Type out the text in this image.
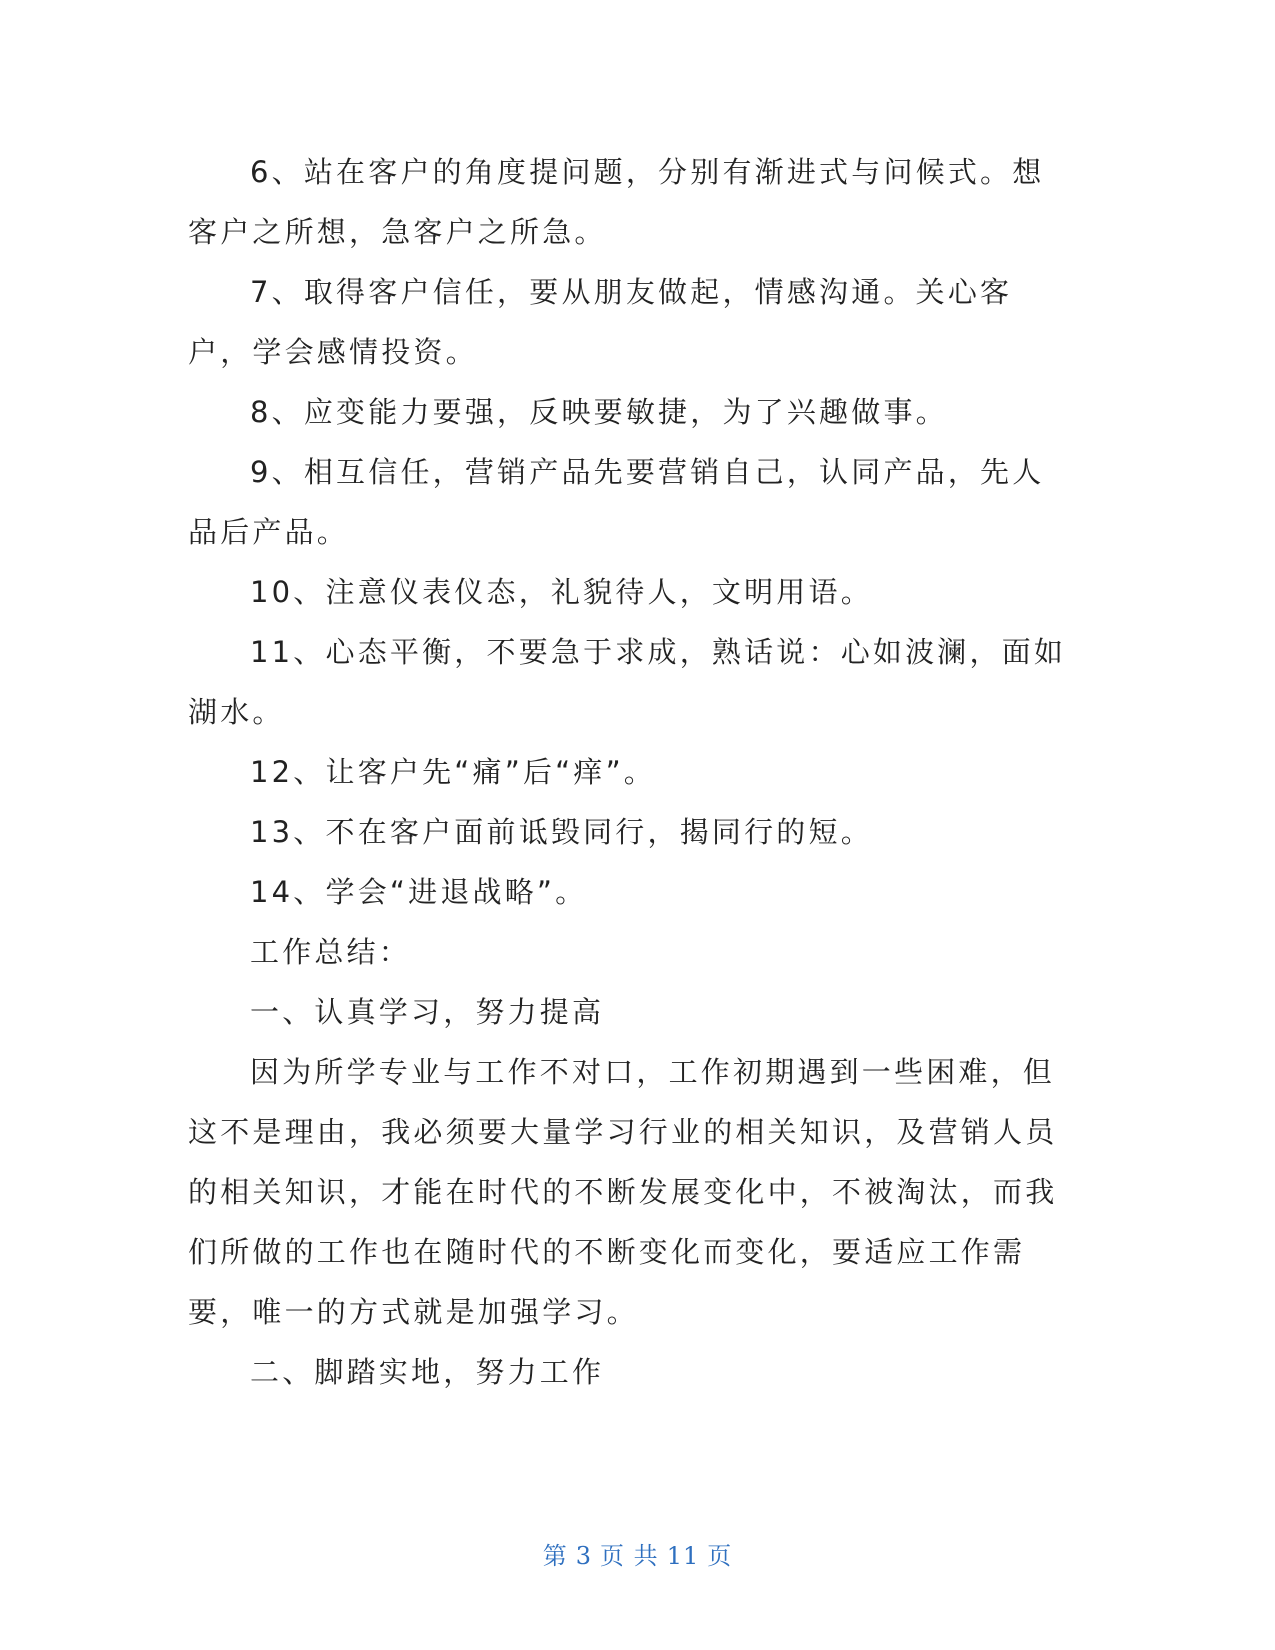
6、站在客户的角度提问题，分别有渐进式与问候式。想客户之所想，急客户之所急。

7、取得客户信任，要从朋友做起，情感沟通。关心客户，学会感情投资。

8、应变能力要强，反映要敏捷，为了兴趣做事。

9、相互信任，营销产品先要营销自己，认同产品，先人品后产品。

10、注意仪表仪态，礼貌待人，文明用语。

11、心态平衡，不要急于求成，熟话说：心如波澜，面如湖水。

12、让客户先“痛”后“痒”。

13、不在客户面前诋毁同行，揭同行的短。

14、学会“进退战略”。

工作总结：

一、认真学习，努力提高

因为所学专业与工作不对口，工作初期遇到一些困难，但这不是理由，我必须要大量学习行业的相关知识，及营销人员的相关知识，才能在时代的不断发展变化中，不被淘汰，而我们所做的工作也在随时代的不断变化而变化，要适应工作需要，唯一的方式就是加强学习。

二、脚踏实地，努力工作

第 3 页 共 11 页
